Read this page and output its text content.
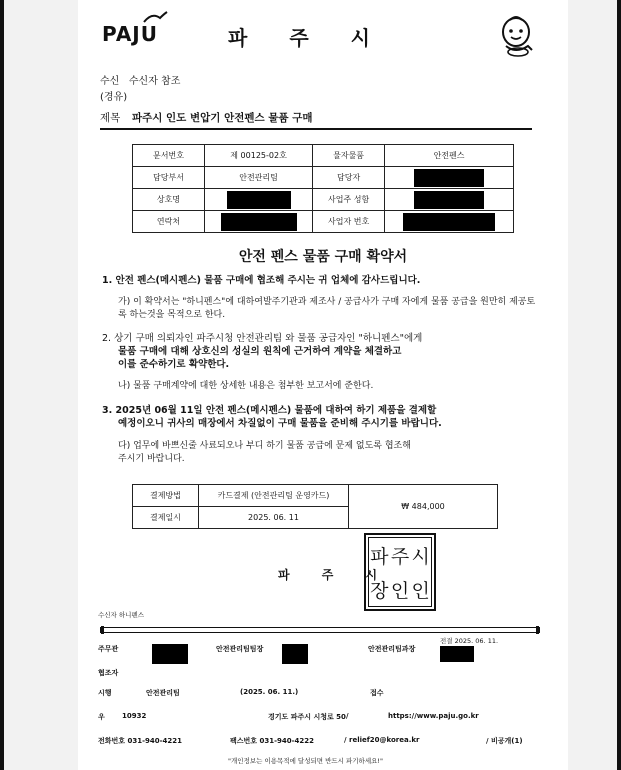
PAJU	파주시
수신 수신자 참조
(경유)
제목 파주시 인도 변압기 안전펜스 물품 구매
문서번호	제 00125-02호	물자물품	안전펜스
담당부서	안전관리팀	담당자	
상호명		사업주 성함	
연락처		사업자 번호	
안전 펜스 물품 구매 확약서
1. 안전 펜스(메시펜스) 물품 구매에 협조해 주시는 귀 업체에 감사드립니다.
가) 이 확약서는 "하니펜스"에 대하여발주기관과 제조사 / 공급사가 구매 자에게 물품 공급을 원만히 제공토록 하는것을 목적으로 한다.
2. 상기 구매 의뢰자인 파주시청 안전관리팀 와 물품 공급자인 "하니펜스"에게
물품 구매에 대해 상호신의 성실의 원칙에 근거하여 계약을 체결하고
이를 준수하기로 확약한다.
나) 물품 구매계약에 대한 상세한 내용은 첨부한 보고서에 준한다.
3. 2025년 06월 11일 안전 펜스(메시펜스) 물품에 대하여 하기 제품을 결제할
예정이오니 귀사의 매장에서 차질없이 구매 물품을 준비해 주시기를 바랍니다.
다) 업무에 바쁘신줄 사료되오나 부디 하기 물품 공급에 문제 없도록 협조해주시기 바랍니다.
결제방법	카드결제 (안전관리팀 운영카드)	₩ 484,000
결제일시	2025. 06. 11	
파 주 시
파 주 시
장 인 인
수신자 하니펜스
주무관	안전관리팀팀장	안전관리팀과장
전결 2025. 06. 11.
협조자
시행	안전관리팀	(2025. 06. 11.)	접수
우 10932	경기도 파주시 시청로 50 /	https://www.paju.go.kr
전화번호 031-940-4221	팩스번호 031-940-4222	/ relief20@korea.kr	/ 비공개(1)
"개인정보는 이용목적에 달성되면 반드시 파기하세요!"
